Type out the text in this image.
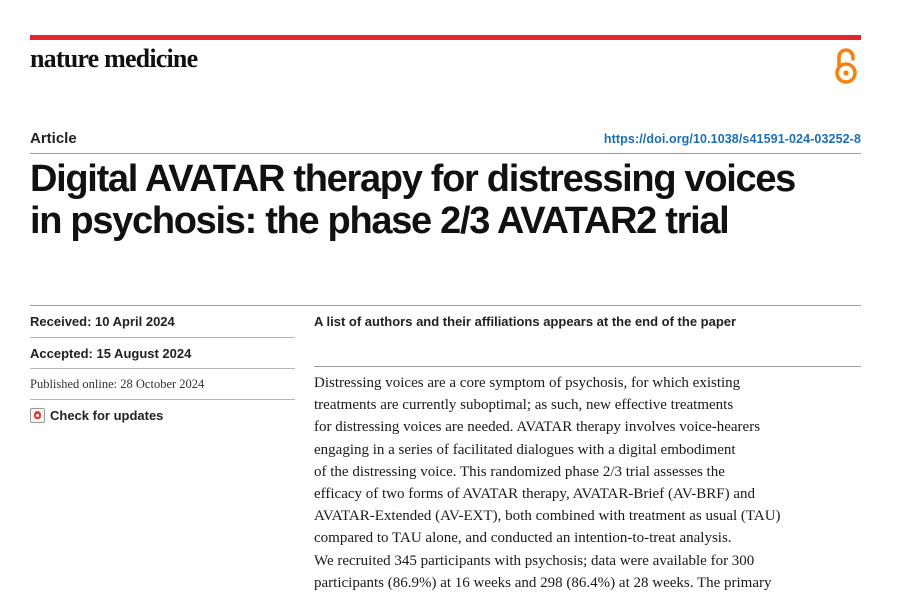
nature medicine
Article	https://doi.org/10.1038/s41591-024-03252-8
Digital AVATAR therapy for distressing voices
in psychosis: the phase 2/3 AVATAR2 trial
Received: 10 April 2024
Accepted: 15 August 2024
Published online: 28 October 2024
Check for updates
A list of authors and their affiliations appears at the end of the paper

Distressing voices are a core symptom of psychosis, for which existing
treatments are currently suboptimal; as such, new effective treatments
for distressing voices are needed. AVATAR therapy involves voice-hearers
engaging in a series of facilitated dialogues with a digital embodiment
of the distressing voice. This randomized phase 2/3 trial assesses the
efficacy of two forms of AVATAR therapy, AVATAR-Brief (AV-BRF) and
AVATAR-Extended (AV-EXT), both combined with treatment as usual (TAU)
compared to TAU alone, and conducted an intention-to-treat analysis.
We recruited 345 participants with psychosis; data were available for 300
participants (86.9%) at 16 weeks and 298 (86.4%) at 28 weeks. The primary
